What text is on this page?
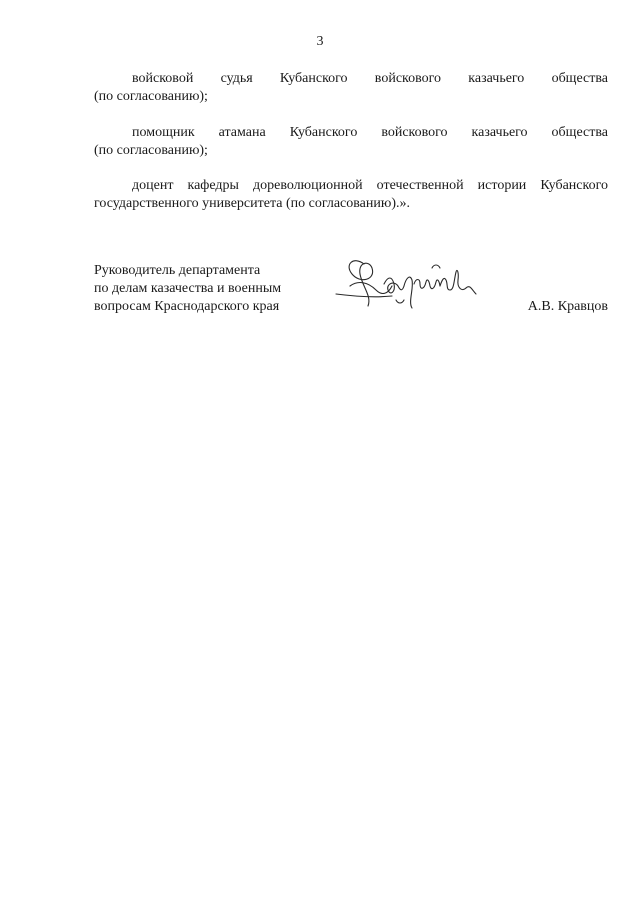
3
войсковой судья Кубанского войскового казачьего общества
(по согласованию);
помощник атамана Кубанского войскового казачьего общества
(по согласованию);
доцент кафедры дореволюционной отечественной истории Кубанского
государственного университета (по согласованию).».
Руководитель департамента
по делам казачества и военным
вопросам Краснодарского края	А.В. Кравцов
